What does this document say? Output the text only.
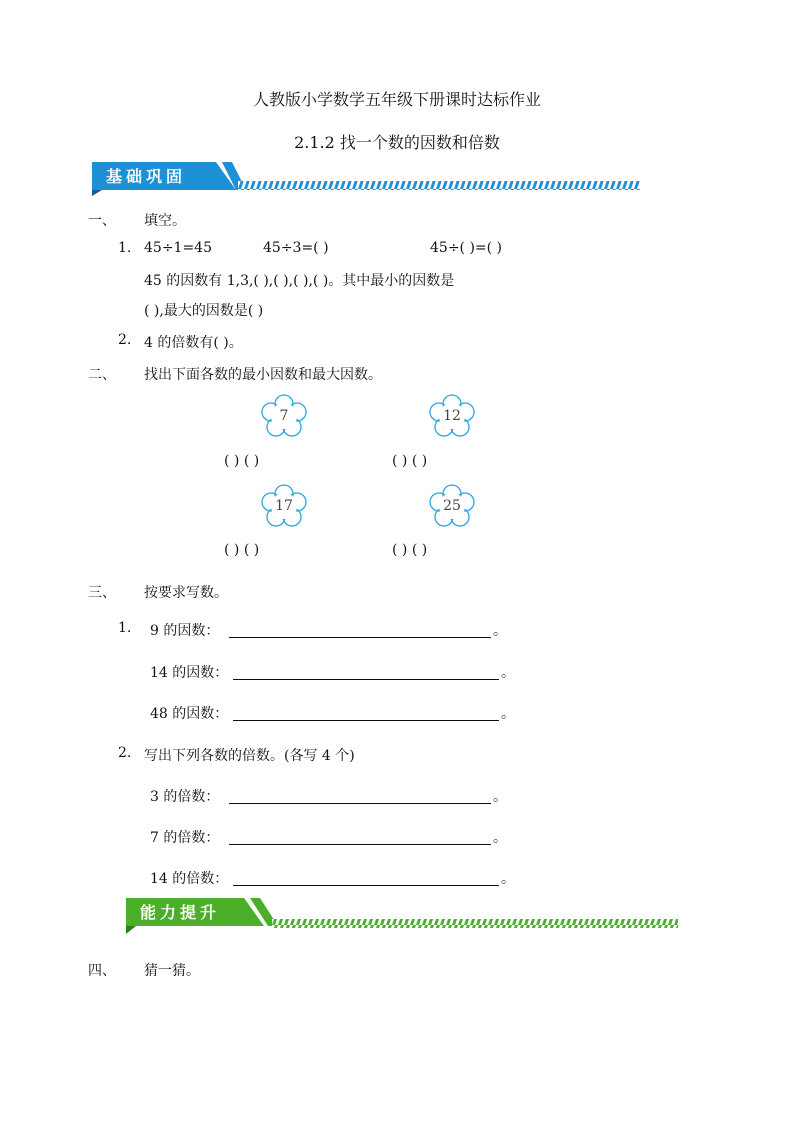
人教版小学数学五年级下册课时达标作业
2.1.2 找一个数的因数和倍数
基础巩固
一、 填空。
1. 45÷1=45	45÷3=( )	45÷( )=( )
45 的因数有 1,3,( ),( ),( ),( )。其中最小的因数是
( ),最大的因数是( )
2. 4 的倍数有( )。
二、 找出下面各数的最小因数和最大因数。
7	12
( ) ( )	( ) ( )
17	25
( ) ( )	( ) ( )
三、 按要求写数。
1. 9 的因数：	。
14 的因数：	。
48 的因数：	。
2. 写出下列各数的倍数。(各写 4 个)
3 的倍数：	。
7 的倍数：	。
14 的倍数：	。
能力提升
四、 猜一猜。
